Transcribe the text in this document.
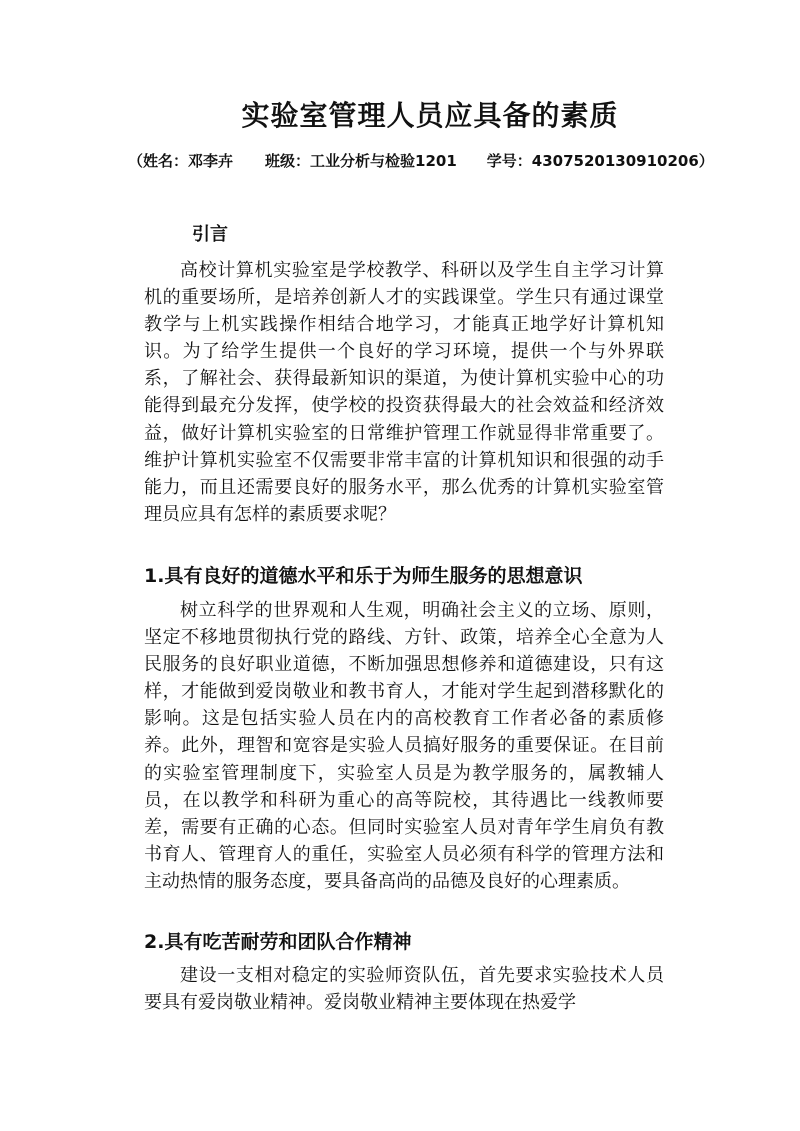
实验室管理人员应具备的素质
（姓名：邓李卉 班级：工业分析与检验1201 学号：4307520130910206）
引言

高校计算机实验室是学校教学、科研以及学生自主学习计算机的重要场所，是培养创新人才的实践课堂。学生只有通过课堂教学与上机实践操作相结合地学习，才能真正地学好计算机知识。为了给学生提供一个良好的学习环境，提供一个与外界联系，了解社会、获得最新知识的渠道，为使计算机实验中心的功能得到最充分发挥，使学校的投资获得最大的社会效益和经济效益，做好计算机实验室的日常维护管理工作就显得非常重要了。维护计算机实验室不仅需要非常丰富的计算机知识和很强的动手能力，而且还需要良好的服务水平，那么优秀的计算机实验室管理员应具有怎样的素质要求呢？

1.具有良好的道德水平和乐于为师生服务的思想意识

树立科学的世界观和人生观，明确社会主义的立场、原则，坚定不移地贯彻执行党的路线、方针、政策，培养全心全意为人民服务的良好职业道德，不断加强思想修养和道德建设，只有这样，才能做到爱岗敬业和教书育人，才能对学生起到潜移默化的影响。这是包括实验人员在内的高校教育工作者必备的素质修养。此外，理智和宽容是实验人员搞好服务的重要保证。在目前的实验室管理制度下，实验室人员是为教学服务的，属教辅人员，在以教学和科研为重心的高等院校，其待遇比一线教师要差，需要有正确的心态。但同时实验室人员对青年学生肩负有教书育人、管理育人的重任，实验室人员必须有科学的管理方法和主动热情的服务态度，要具备高尚的品德及良好的心理素质。

2.具有吃苦耐劳和团队合作精神

建设一支相对稳定的实验师资队伍，首先要求实验技术人员要具有爱岗敬业精神。爱岗敬业精神主要体现在热爱学
